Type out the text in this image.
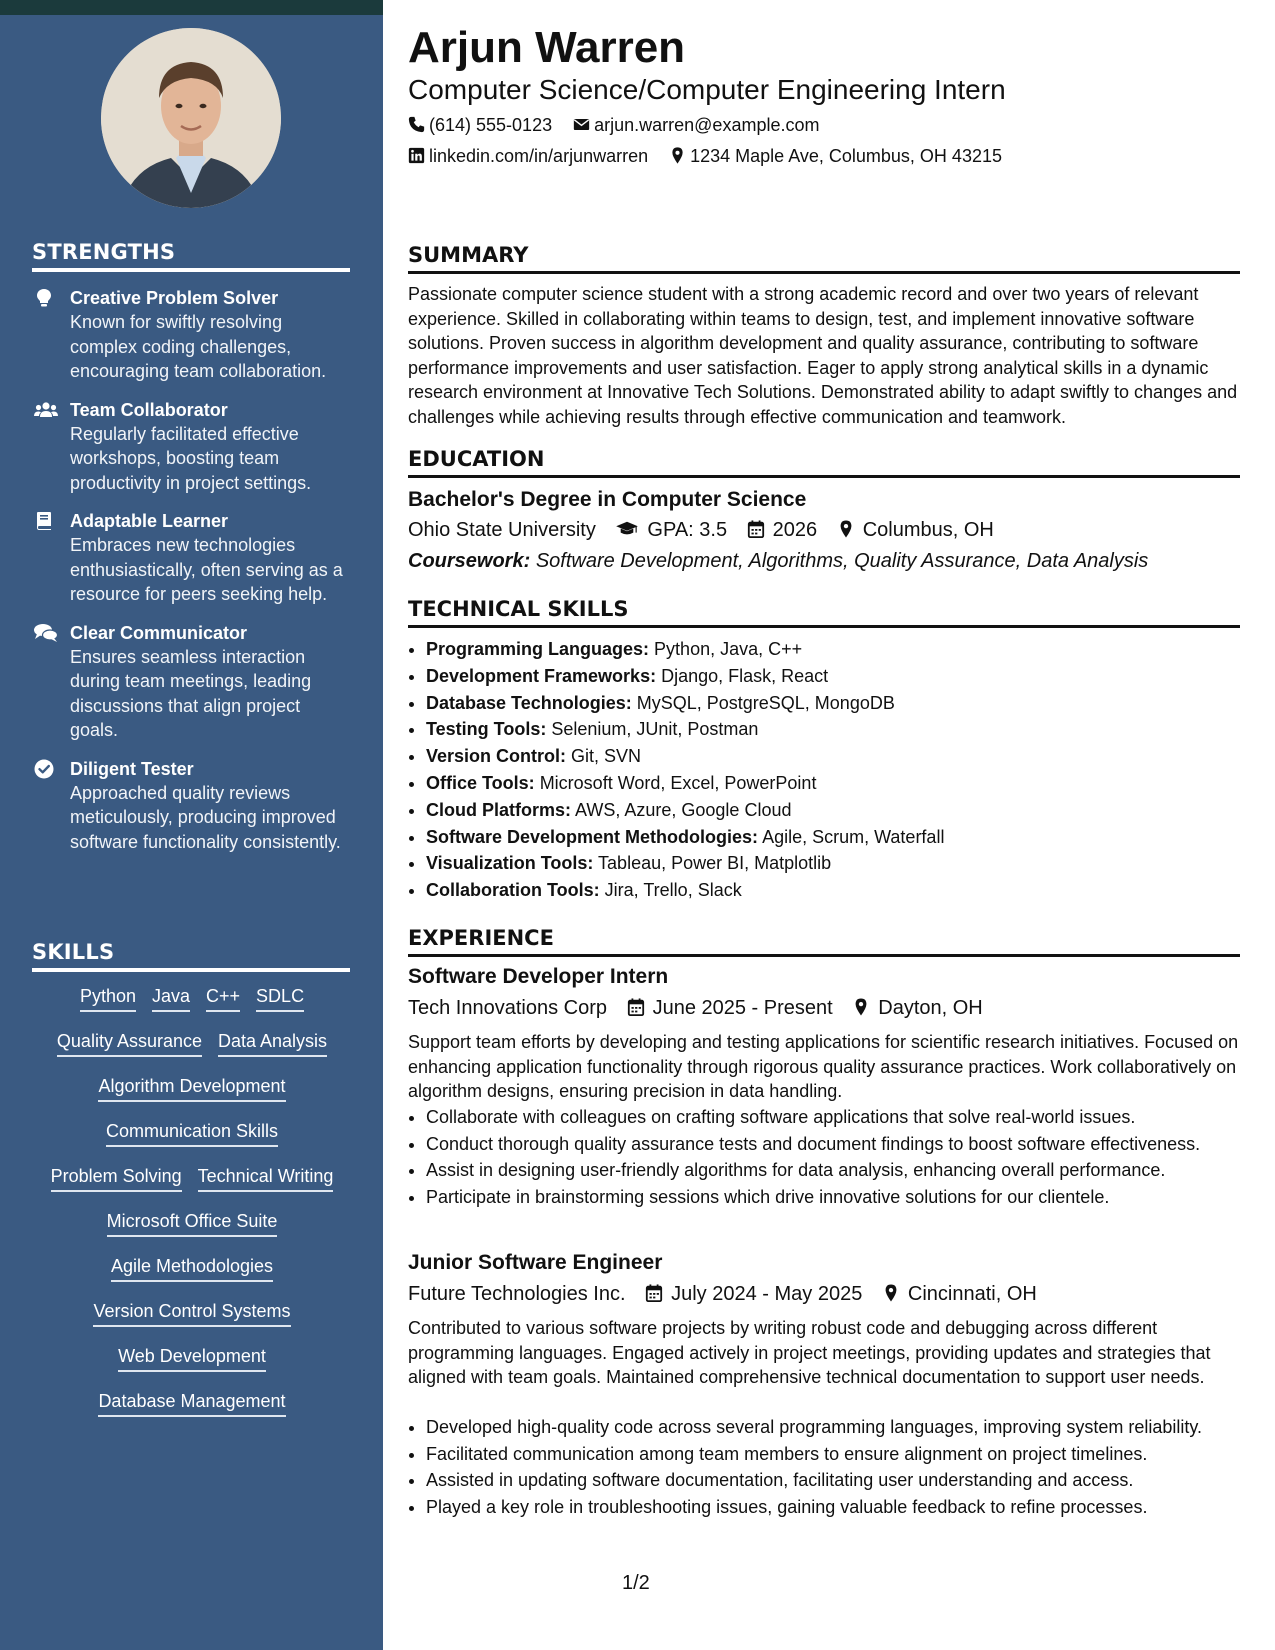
STRENGTHS
Creative Problem Solver
Known for swiftly resolving complex coding challenges, encouraging team collaboration.
Team Collaborator
Regularly facilitated effective workshops, boosting team productivity in project settings.
Adaptable Learner
Embraces new technologies enthusiastically, often serving as a resource for peers seeking help.
Clear Communicator
Ensures seamless interaction during team meetings, leading discussions that align project goals.
Diligent Tester
Approached quality reviews meticulously, producing improved software functionality consistently.
SKILLS
Python Java C++ SDLC
Quality Assurance Data Analysis
Algorithm Development
Communication Skills
Problem Solving Technical Writing
Microsoft Office Suite
Agile Methodologies
Version Control Systems
Web Development
Database Management
Arjun Warren
Computer Science/Computer Engineering Intern
(614) 555-0123 arjun.warren@example.com
linkedin.com/in/arjunwarren 1234 Maple Ave, Columbus, OH 43215
SUMMARY
Passionate computer science student with a strong academic record and over two years of relevant experience. Skilled in collaborating within teams to design, test, and implement innovative software solutions. Proven success in algorithm development and quality assurance, contributing to software performance improvements and user satisfaction. Eager to apply strong analytical skills in a dynamic research environment at Innovative Tech Solutions. Demonstrated ability to adapt swiftly to changes and challenges while achieving results through effective communication and teamwork.
EDUCATION
Bachelor's Degree in Computer Science
Ohio State University	GPA: 3.5 2026 Columbus, OH
Coursework: Software Development, Algorithms, Quality Assurance, Data Analysis
TECHNICAL SKILLS
• Programming Languages: Python, Java, C++
• Development Frameworks: Django, Flask, React
• Database Technologies: MySQL, PostgreSQL, MongoDB
• Testing Tools: Selenium, JUnit, Postman
• Version Control: Git, SVN
• Office Tools: Microsoft Word, Excel, PowerPoint
• Cloud Platforms: AWS, Azure, Google Cloud
• Software Development Methodologies: Agile, Scrum, Waterfall
• Visualization Tools: Tableau, Power BI, Matplotlib
• Collaboration Tools: Jira, Trello, Slack
EXPERIENCE
Software Developer Intern
Tech Innovations Corp June 2025 - Present Dayton, OH
Support team efforts by developing and testing applications for scientific research initiatives. Focused on enhancing application functionality through rigorous quality assurance practices. Work collaboratively on algorithm designs, ensuring precision in data handling.
• Collaborate with colleagues on crafting software applications that solve real-world issues.
• Conduct thorough quality assurance tests and document findings to boost software effectiveness.
• Assist in designing user-friendly algorithms for data analysis, enhancing overall performance.
• Participate in brainstorming sessions which drive innovative solutions for our clientele.
Junior Software Engineer
Future Technologies Inc. July 2024 - May 2025 Cincinnati, OH
Contributed to various software projects by writing robust code and debugging across different programming languages. Engaged actively in project meetings, providing updates and strategies that aligned with team goals. Maintained comprehensive technical documentation to support user needs.
• Developed high-quality code across several programming languages, improving system reliability.
• Facilitated communication among team members to ensure alignment on project timelines.
• Assisted in updating software documentation, facilitating user understanding and access.
• Played a key role in troubleshooting issues, gaining valuable feedback to refine processes.
1/2
